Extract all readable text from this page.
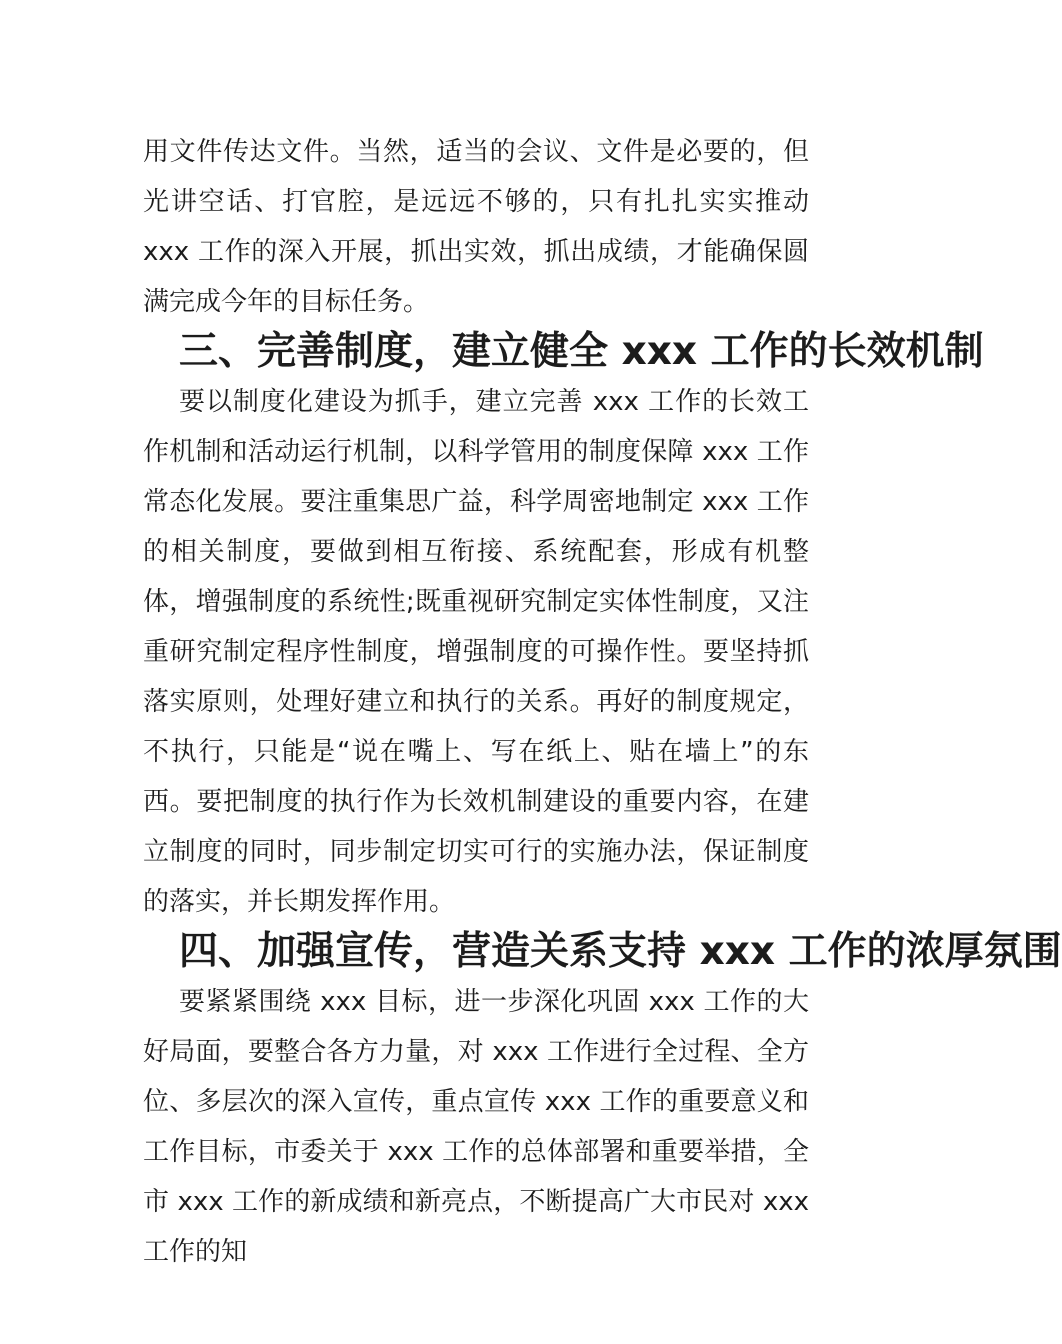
用文件传达文件。当然，适当的会议、文件是必要的，但光讲空话、打官腔，是远远不够的，只有扎扎实实推动 xxx 工作的深入开展，抓出实效，抓出成绩，才能确保圆满完成今年的目标任务。

三、完善制度，建立健全 xxx 工作的长效机制

要以制度化建设为抓手，建立完善 xxx 工作的长效工作机制和活动运行机制，以科学管用的制度保障 xxx 工作常态化发展。要注重集思广益，科学周密地制定 xxx 工作的相关制度，要做到相互衔接、系统配套，形成有机整体，增强制度的系统性;既重视研究制定实体性制度，又注重研究制定程序性制度，增强制度的可操作性。要坚持抓落实原则，处理好建立和执行的关系。再好的制度规定，不执行，只能是“说在嘴上、写在纸上、贴在墙上”的东西。要把制度的执行作为长效机制建设的重要内容，在建立制度的同时，同步制定切实可行的实施办法，保证制度的落实，并长期发挥作用。

四、加强宣传，营造关系支持 xxx 工作的浓厚氛围

要紧紧围绕 xxx 目标，进一步深化巩固 xxx 工作的大好局面，要整合各方力量，对 xxx 工作进行全过程、全方位、多层次的深入宣传，重点宣传 xxx 工作的重要意义和工作目标，市委关于 xxx 工作的总体部署和重要举措，全市 xxx 工作的新成绩和新亮点，不断提高广大市民对 xxx 工作的知
